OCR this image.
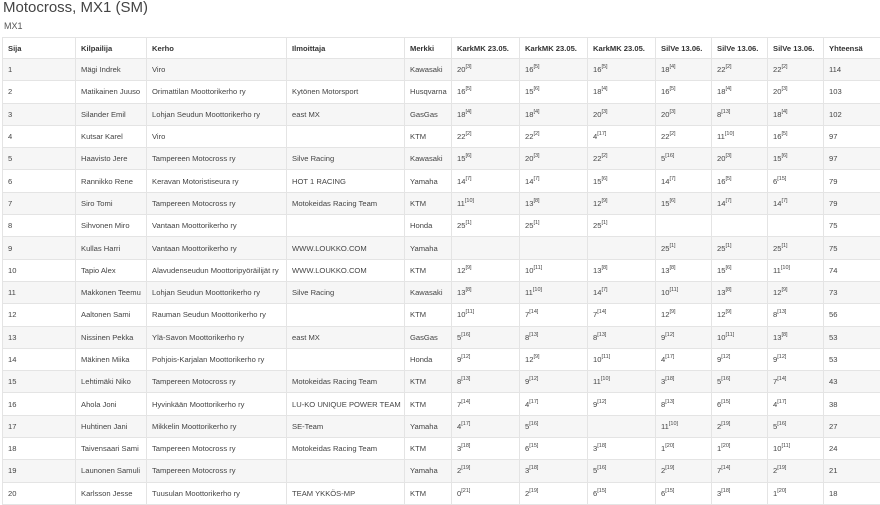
Motocross, MX1 (SM)
MX1
Sija	Kilpailija	Kerho	Ilmoittaja	Merkki	KarkMK 23.05.	KarkMK 23.05.	KarkMK 23.05.	SilVe 13.06.	SilVe 13.06.	SilVe 13.06.	Yhteensä
1	Mägi Indrek	Viro		Kawasaki	20[3]	16[5]	16[5]	18[4]	22[2]	22[2]	114
2	Matikainen Juuso	Orimattilan Moottorikerho ry	Kytönen Motorsport	Husqvarna	16[5]	15[6]	18[4]	16[5]	18[4]	20[3]	103
3	Silander Emil	Lohjan Seudun Moottorikerho ry	east MX	GasGas	18[4]	18[4]	20[3]	20[3]	8[13]	18[4]	102
4	Kutsar Karel	Viro		KTM	22[2]	22[2]	4[17]	22[2]	11[10]	16[5]	97
5	Haavisto Jere	Tampereen Motocross ry	Silve Racing	Kawasaki	15[6]	20[3]	22[2]	5[16]	20[3]	15[6]	97
6	Rannikko Rene	Keravan Motoristiseura ry	HOT 1 RACING	Yamaha	14[7]	14[7]	15[6]	14[7]	16[5]	6[15]	79
7	Siro Tomi	Tampereen Motocross ry	Motokeidas Racing Team	KTM	11[10]	13[8]	12[9]	15[6]	14[7]	14[7]	79
8	Sihvonen Miro	Vantaan Moottorikerho ry		Honda	25[1]	25[1]	25[1]				75
9	Kullas Harri	Vantaan Moottorikerho ry	WWW.LOUKKO.COM	Yamaha				25[1]	25[1]	25[1]	75
10	Tapio Alex	Alavudenseudun Moottoripyöräilijät ry	WWW.LOUKKO.COM	KTM	12[9]	10[11]	13[8]	13[8]	15[6]	11[10]	74
11	Makkonen Teemu	Lohjan Seudun Moottorikerho ry	Silve Racing	Kawasaki	13[8]	11[10]	14[7]	10[11]	13[8]	12[9]	73
12	Aaltonen Sami	Rauman Seudun Moottorikerho ry		KTM	10[11]	7[14]	7[14]	12[9]	12[9]	8[13]	56
13	Nissinen Pekka	Ylä-Savon Moottorikerho ry	east MX	GasGas	5[16]	8[13]	8[13]	9[12]	10[11]	13[8]	53
14	Mäkinen Miika	Pohjois-Karjalan Moottorikerho ry		Honda	9[12]	12[9]	10[11]	4[17]	9[12]	9[12]	53
15	Lehtimäki Niko	Tampereen Motocross ry	Motokeidas Racing Team	KTM	8[13]	9[12]	11[10]	3[18]	5[16]	7[14]	43
16	Ahola Joni	Hyvinkään Moottorikerho ry	LU-KO UNIQUE POWER TEAM	KTM	7[14]	4[17]	9[12]	8[13]	6[15]	4[17]	38
17	Huhtinen Jani	Mikkelin Moottorikerho ry	SE-Team	Yamaha	4[17]	5[16]		11[10]	2[19]	5[16]	27
18	Taivensaari Sami	Tampereen Motocross ry	Motokeidas Racing Team	KTM	3[18]	6[15]	3[18]	1[20]	1[20]	10[11]	24
19	Launonen Samuli	Tampereen Motocross ry		Yamaha	2[19]	3[18]	5[16]	2[19]	7[14]	2[19]	21
20	Karlsson Jesse	Tuusulan Moottorikerho ry	TEAM YKKÖS-MP	KTM	0[21]	2[19]	6[15]	6[15]	3[18]	1[20]	18
